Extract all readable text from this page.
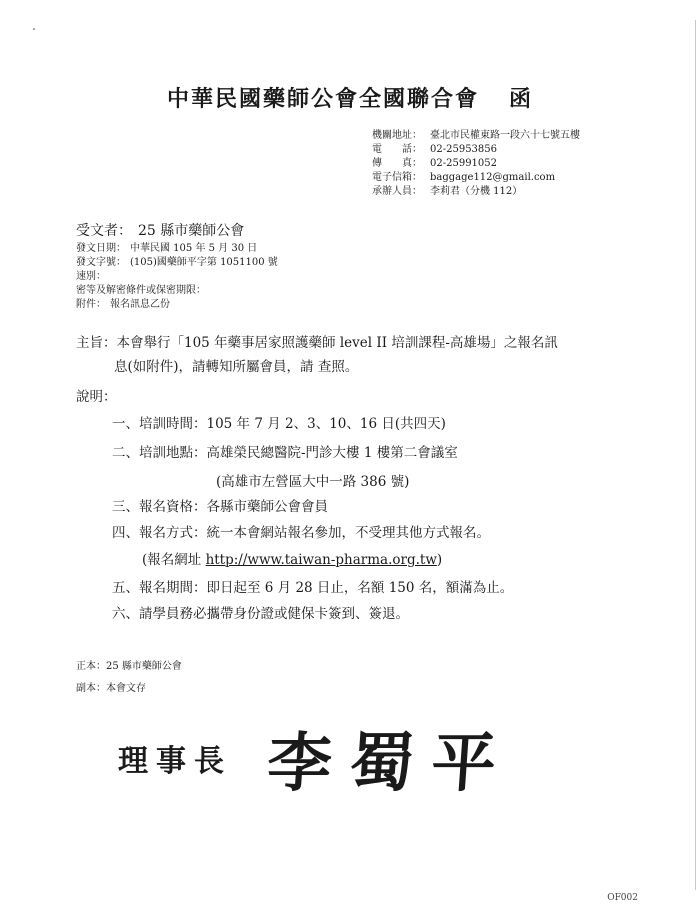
中華民國藥師公會全國聯合會 函
機關地址： 臺北市民權東路一段六十七號五樓
電　　話： 02-25953856
傳　　真： 02-25991052
電子信箱： baggage112@gmail.com
承辦人員： 李莉君（分機 112）
受文者： 25 縣市藥師公會
發文日期： 中華民國 105 年 5 月 30 日
發文字號： (105)國藥師平字第 1051100 號
速別：
密等及解密條件或保密期限：
附件： 報名訊息乙份
主旨：本會舉行「105 年藥事居家照護藥師 level II 培訓課程-高雄場」之報名訊
息(如附件)，請轉知所屬會員，請 查照。
說明：
一、培訓時間：105 年 7 月 2、3、10、16 日(共四天)
二、培訓地點：高雄榮民總醫院-門診大樓 1 樓第二會議室
(高雄市左營區大中一路 386 號)
三、報名資格：各縣市藥師公會會員
四、報名方式：統一本會網站報名參加，不受理其他方式報名。
(報名網址 http://www.taiwan-pharma.org.tw)
五、報名期間：即日起至 6 月 28 日止，名額 150 名，額滿為止。
六、請學員務必攜帶身份證或健保卡簽到、簽退。
正本：25 縣市藥師公會
副本：本會文存
理事長 李蜀平
OF002
